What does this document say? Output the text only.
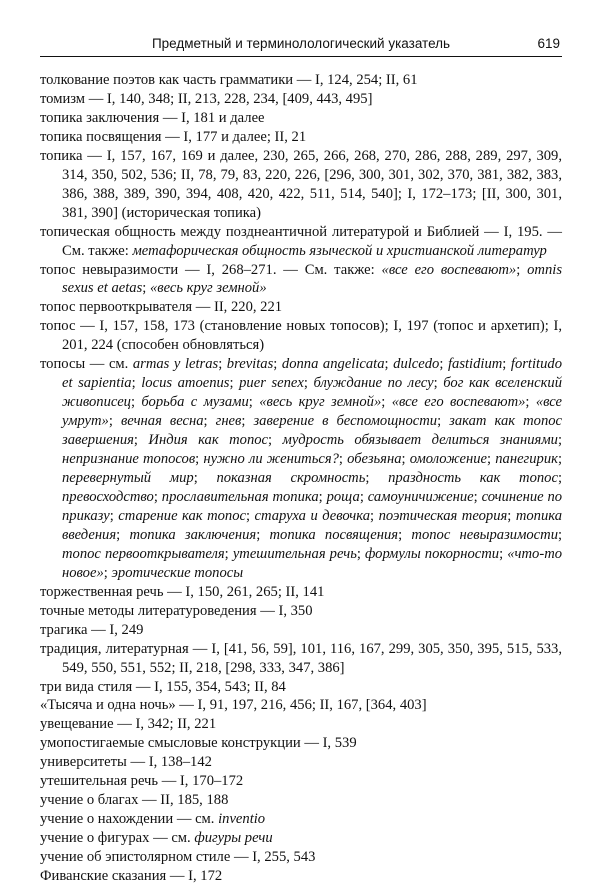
Предметный и терминолологический указатель	619
толкование поэтов как часть грамматики — I, 124, 254; II, 61
томизм — I, 140, 348; II, 213, 228, 234, [409, 443, 495]
топика заключения — I, 181 и далее
топика посвящения — I, 177 и далее; II, 21
топика — I, 157, 167, 169 и далее, 230, 265, 266, 268, 270, 286, 288, 289, 297, 309, 314, 350, 502, 536; II, 78, 79, 83, 220, 226, [296, 300, 301, 302, 370, 381, 382, 383, 386, 388, 389, 390, 394, 408, 420, 422, 511, 514, 540]; I, 172–173; [II, 300, 301, 381, 390] (историческая топика)
топическая общность между позднеантичной литературой и Библией — I, 195. — См. также: метафорическая общность языческой и христианской литератур
топос невыразимости — I, 268–271. — См. также: «все его воспевают»; omnis sexus et aetas; «весь круг земной»
топос первооткрывателя — II, 220, 221
топос — I, 157, 158, 173 (становление новых топосов); I, 197 (топос и архетип); I, 201, 224 (способен обновляться)
топосы — см. armas y letras; brevitas; donna angelicata; dulcedo; fastidium; fortitudo et sapientia; locus amoenus; puer senex; блуждание по лесу; бог как вселенский живописец; борьба с музами; «весь круг земной»; «все его воспевают»; «все умрут»; вечная весна; гнев; заверение в беспомощности; закат как топос завершения; Индия как топос; мудрость обязывает делиться знаниями; непризнание топосов; нужно ли жениться?; обезьяна; омоложение; панегирик; перевернутый мир; показная скромность; праздность как топос; превосходство; прославительная топика; роща; самоуничижение; сочинение по приказу; старение как топос; старуха и девочка; поэтическая теория; топика введения; топика заключения; топика посвящения; топос невыразимости; топос первооткрывателя; утешительная речь; формулы покорности; «что-то новое»; эротические топосы
торжественная речь — I, 150, 261, 265; II, 141
точные методы литературоведения — I, 350
трагика — I, 249
традиция, литературная — I, [41, 56, 59], 101, 116, 167, 299, 305, 350, 395, 515, 533, 549, 550, 551, 552; II, 218, [298, 333, 347, 386]
три вида стиля — I, 155, 354, 543; II, 84
«Тысяча и одна ночь» — I, 91, 197, 216, 456; II, 167, [364, 403]
увещевание — I, 342; II, 221
умопостигаемые смысловые конструкции — I, 539
университеты — I, 138–142
утешительная речь — I, 170–172
учение о благах — II, 185, 188
учение о нахождении — см. inventio
учение о фигурах — см. фигуры речи
учение об эпистолярном стиле — I, 255, 543
Фиванские сказания — I, 172
